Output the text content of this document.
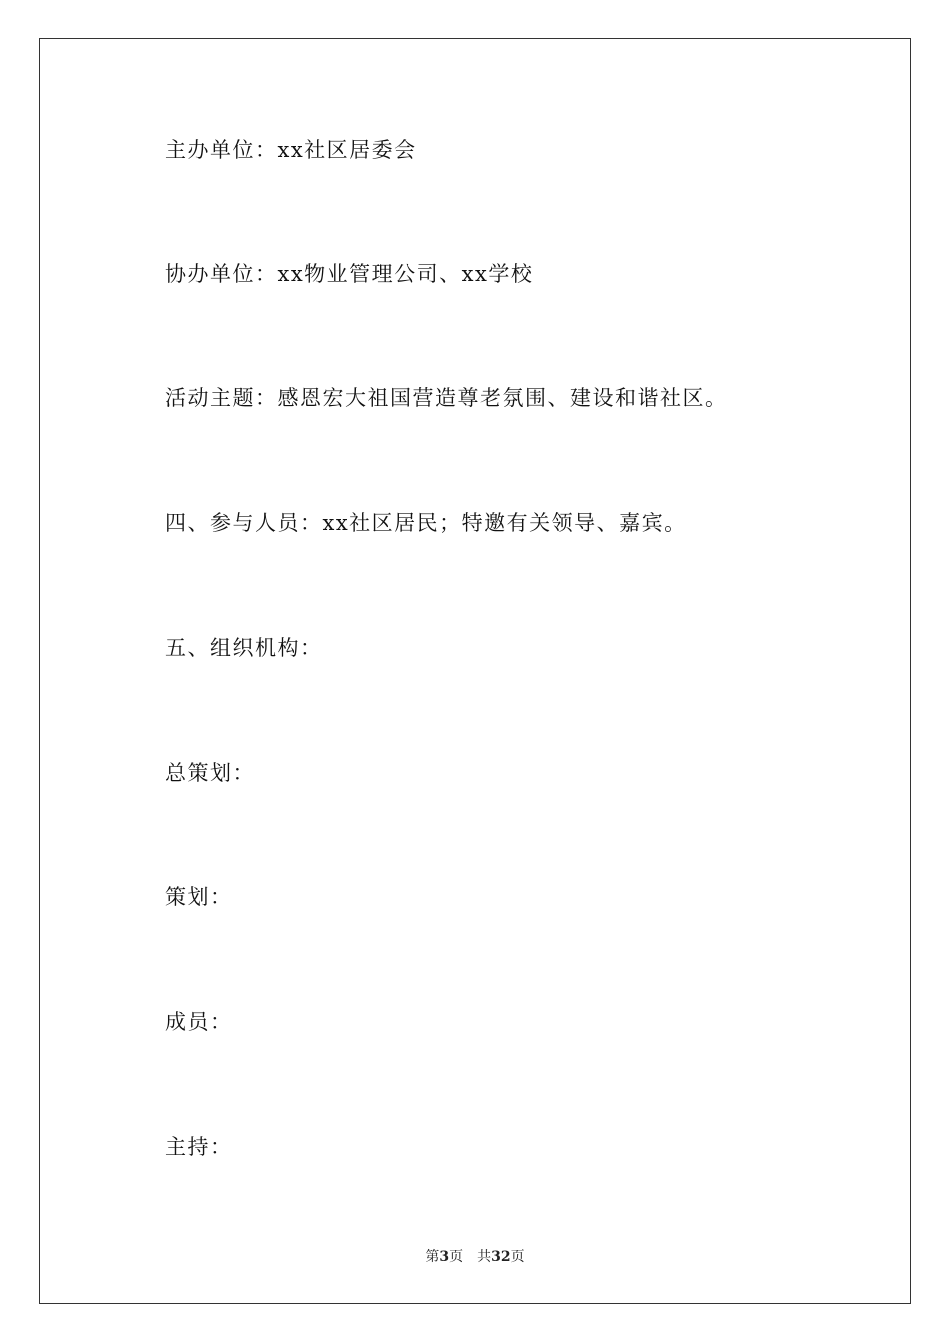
主办单位：xx社区居委会
协办单位：xx物业管理公司、xx学校
活动主题：感恩宏大祖国营造尊老氛围、建设和谐社区。
四、参与人员：xx社区居民；特邀有关领导、嘉宾。
五、组织机构：
总策划：
策划：
成员：
主持：
第3页 共32页
